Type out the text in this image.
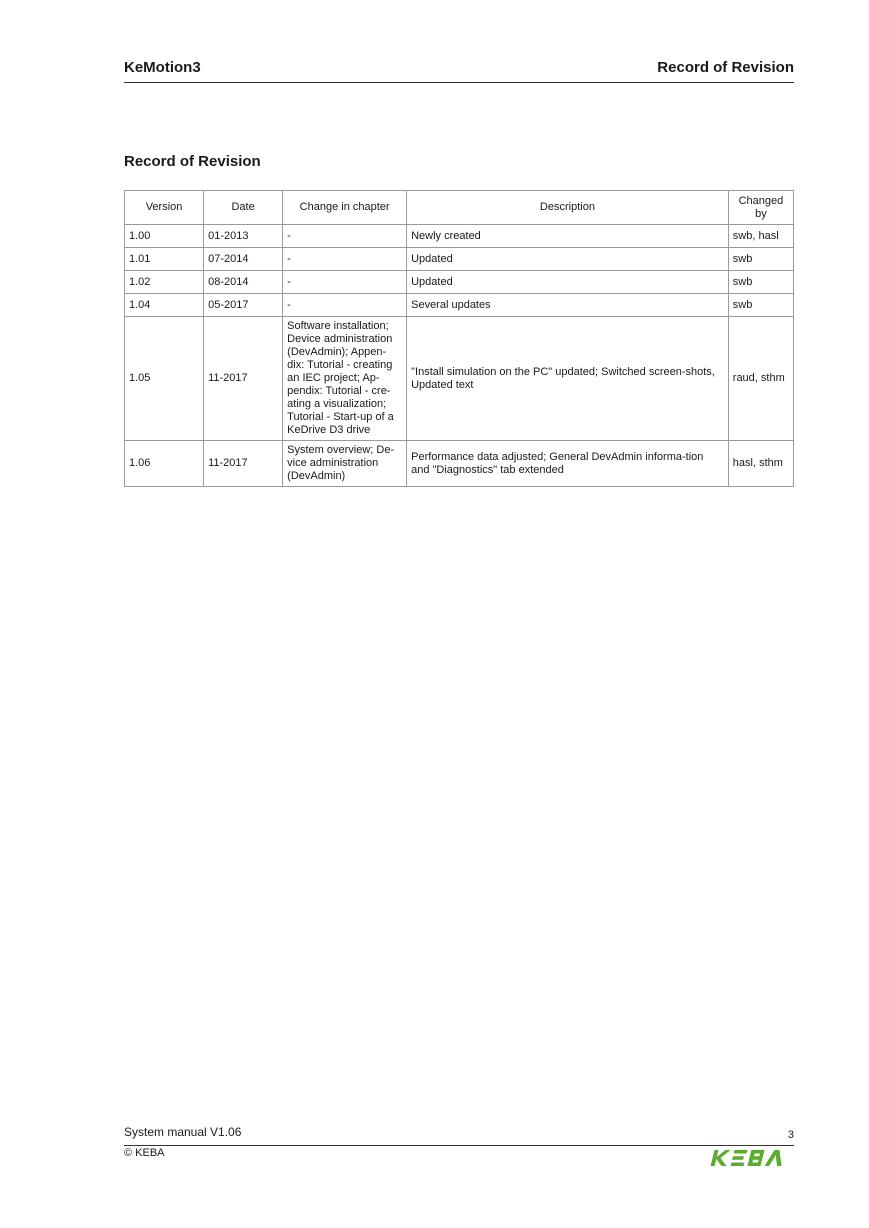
KeMotion3	Record of Revision
Record of Revision
Version	Date	Change in chapter	Description	Changed by
1.00	01-2013	-	Newly created	swb, hasl
1.01	07-2014	-	Updated	swb
1.02	08-2014	-	Updated	swb
1.04	05-2017	-	Several updates	swb
1.05	11-2017	Software installation; Device administration (DevAdmin); Appen-dix: Tutorial - creating an IEC project; Ap-pendix: Tutorial - cre-ating a visualization; Tutorial - Start-up of a KeDrive D3 drive	"Install simulation on the PC" updated; Switched screen-shots, Updated text	raud, sthm
1.06	11-2017	System overview; De-vice administration (DevAdmin)	Performance data adjusted; General DevAdmin informa-tion and "Diagnostics" tab extended	hasl, sthm
System manual V1.06	3
© KEBA
